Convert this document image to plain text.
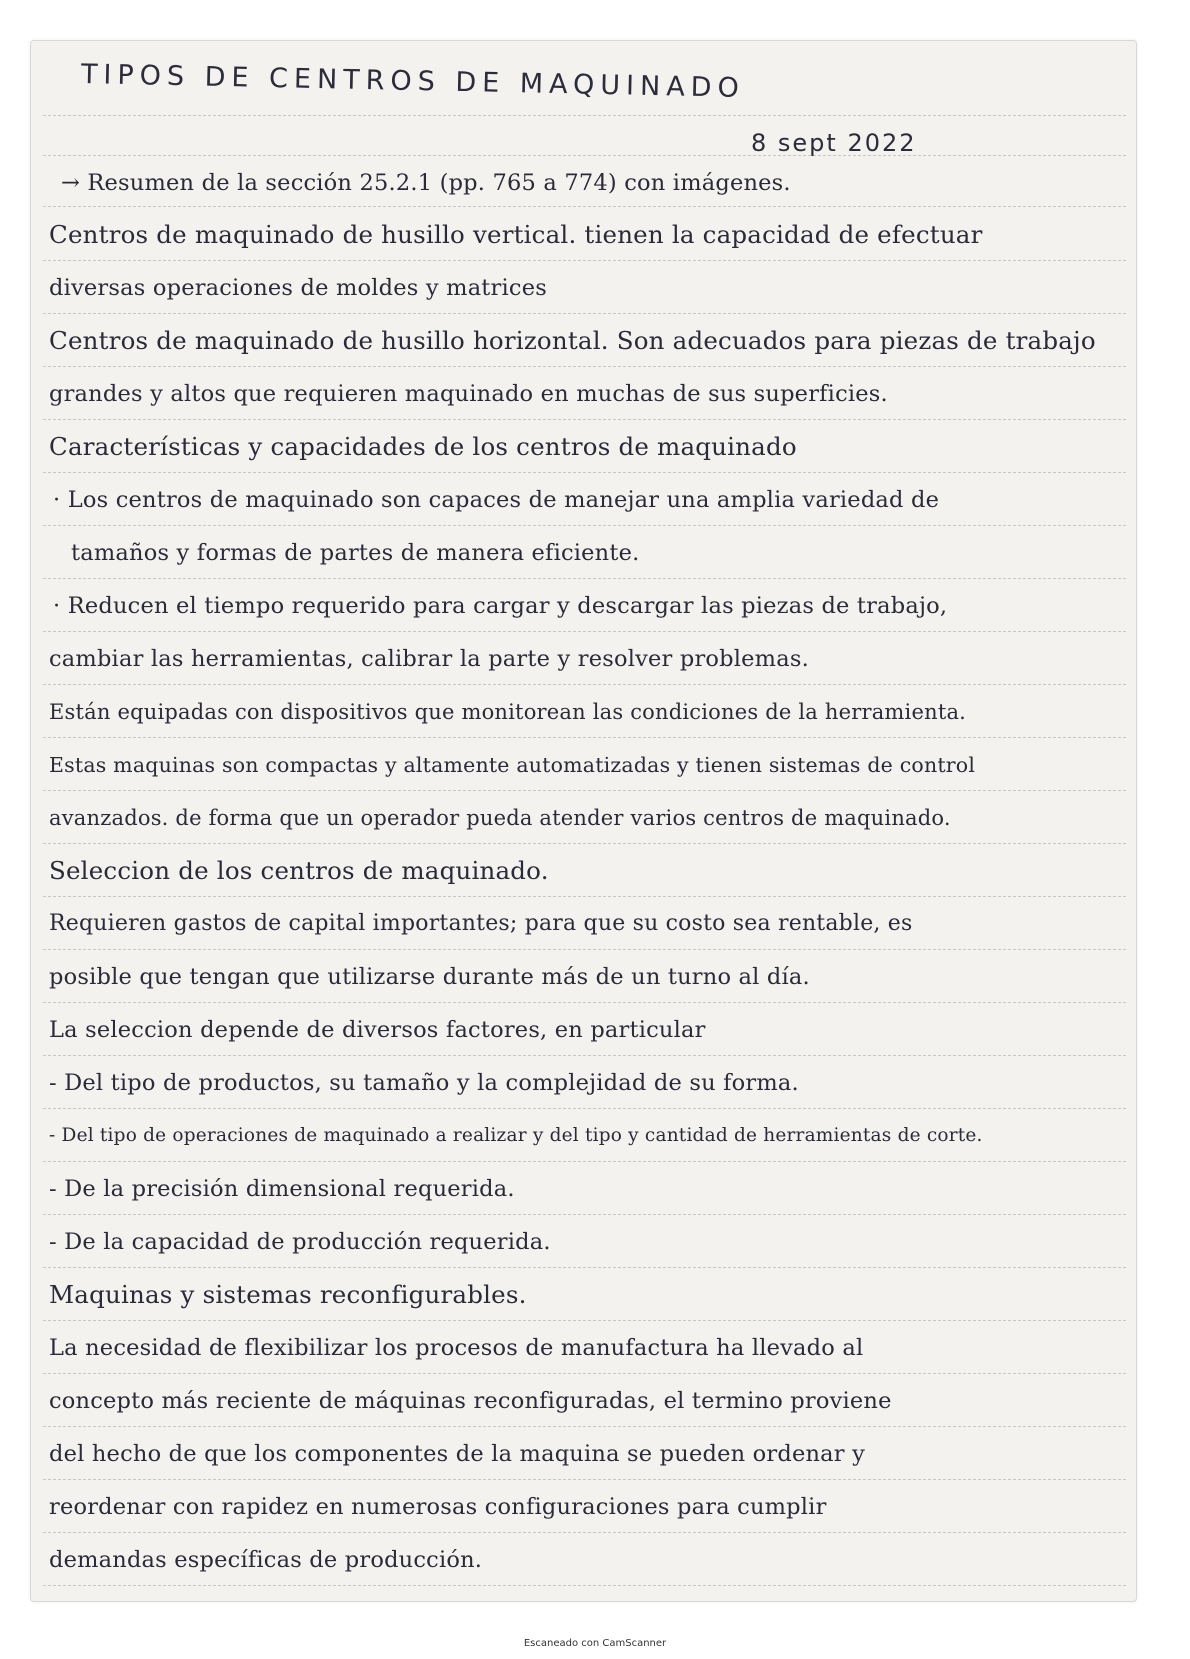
TIPOS DE CENTROS DE MAQUINADO
8 sept 2022
→ Resumen de la sección 25.2.1 (pp. 765 a 774) con imágenes.
Centros de maquinado de husillo vertical. tienen la capacidad de efectuar
diversas operaciones de moldes y matrices
Centros de maquinado de husillo horizontal. Son adecuados para piezas de trabajo
grandes y altos que requieren maquinado en muchas de sus superficies.
Características y capacidades de los centros de maquinado
· Los centros de maquinado son capaces de manejar una amplia variedad de
tamaños y formas de partes de manera eficiente.
· Reducen el tiempo requerido para cargar y descargar las piezas de trabajo,
cambiar las herramientas, calibrar la parte y resolver problemas.
Están equipadas con dispositivos que monitorean las condiciones de la herramienta.
Estas maquinas son compactas y altamente automatizadas y tienen sistemas de control
avanzados. de forma que un operador pueda atender varios centros de maquinado.
Seleccion de los centros de maquinado.
Requieren gastos de capital importantes; para que su costo sea rentable, es
posible que tengan que utilizarse durante más de un turno al día.
La seleccion depende de diversos factores, en particular
- Del tipo de productos, su tamaño y la complejidad de su forma.
- Del tipo de operaciones de maquinado a realizar y del tipo y cantidad de herramientas de corte.
- De la precisión dimensional requerida.
- De la capacidad de producción requerida.
Maquinas y sistemas reconfigurables.
La necesidad de flexibilizar los procesos de manufactura ha llevado al
concepto más reciente de máquinas reconfiguradas, el termino proviene
del hecho de que los componentes de la maquina se pueden ordenar y
reordenar con rapidez en numerosas configuraciones para cumplir
demandas específicas de producción.
Escaneado con CamScanner
